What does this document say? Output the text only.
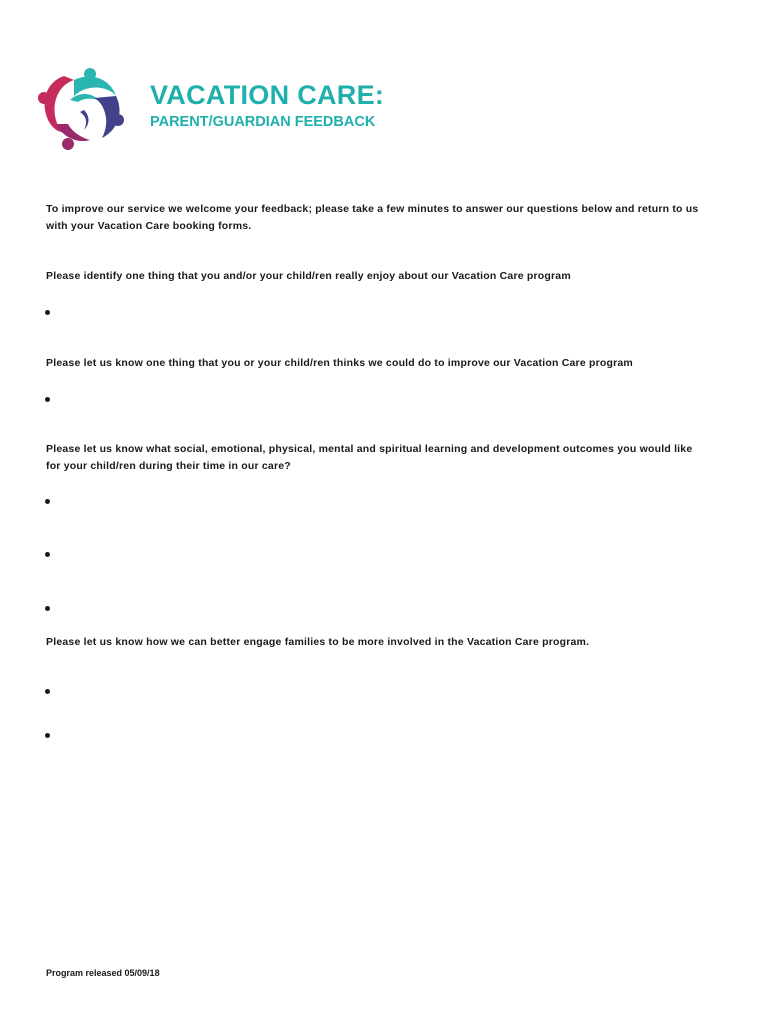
VACATION CARE:
PARENT/GUARDIAN FEEDBACK
To improve our service we welcome your feedback; please take a few minutes to answer our questions below and return to us with your Vacation Care booking forms.
Please identify one thing that you and/or your child/ren really enjoy about our Vacation Care program
Please let us know one thing that you or your child/ren thinks we could do to improve our Vacation Care program
Please let us know what social, emotional, physical, mental and spiritual learning and development outcomes you would like for your child/ren during their time in our care?
Please let us know how we can better engage families to be more involved in the Vacation Care program.
Program released 05/09/18
